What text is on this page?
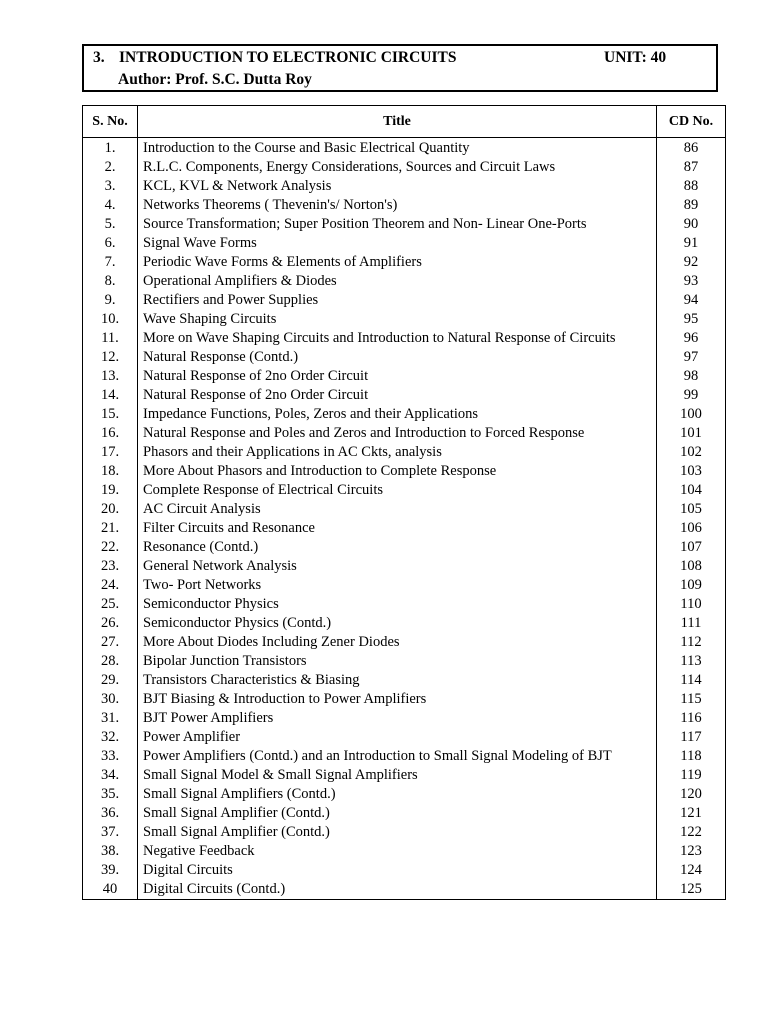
3. INTRODUCTION TO ELECTRONIC CIRCUITS	UNIT: 40
Author: Prof. S.C. Dutta Roy
S. No.	Title	CD No.
1.	Introduction to the Course and Basic Electrical Quantity	86
2.	R.L.C. Components, Energy Considerations, Sources and Circuit Laws	87
3.	KCL, KVL & Network Analysis	88
4.	Networks Theorems ( Thevenin's/ Norton's)	89
5.	Source Transformation; Super Position Theorem and Non- Linear One-Ports	90
6.	Signal Wave Forms	91
7.	Periodic Wave Forms & Elements of Amplifiers	92
8.	Operational Amplifiers & Diodes	93
9.	Rectifiers and Power Supplies	94
10.	Wave Shaping Circuits	95
11.	More on Wave Shaping Circuits and Introduction to Natural Response of Circuits	96
12.	Natural Response (Contd.)	97
13.	Natural Response of 2no Order Circuit	98
14.	Natural Response of 2no Order Circuit	99
15.	Impedance Functions, Poles, Zeros and their Applications	100
16.	Natural Response and Poles and Zeros and Introduction to Forced Response	101
17.	Phasors and their Applications in AC Ckts, analysis	102
18.	More About Phasors and Introduction to Complete Response	103
19.	Complete Response of Electrical Circuits	104
20.	AC Circuit Analysis	105
21.	Filter Circuits and Resonance	106
22.	Resonance (Contd.)	107
23.	General Network Analysis	108
24.	Two- Port Networks	109
25.	Semiconductor Physics	110
26.	Semiconductor Physics (Contd.)	111
27.	More About Diodes Including Zener Diodes	112
28.	Bipolar Junction Transistors	113
29.	Transistors Characteristics & Biasing	114
30.	BJT Biasing & Introduction to Power Amplifiers	115
31.	BJT Power Amplifiers	116
32.	Power Amplifier	117
33.	Power Amplifiers (Contd.) and an Introduction to Small Signal Modeling of BJT	118
34.	Small Signal Model & Small Signal Amplifiers	119
35.	Small Signal Amplifiers (Contd.)	120
36.	Small Signal Amplifier (Contd.)	121
37.	Small Signal Amplifier (Contd.)	122
38.	Negative Feedback	123
39.	Digital Circuits	124
40	Digital Circuits (Contd.)	125
